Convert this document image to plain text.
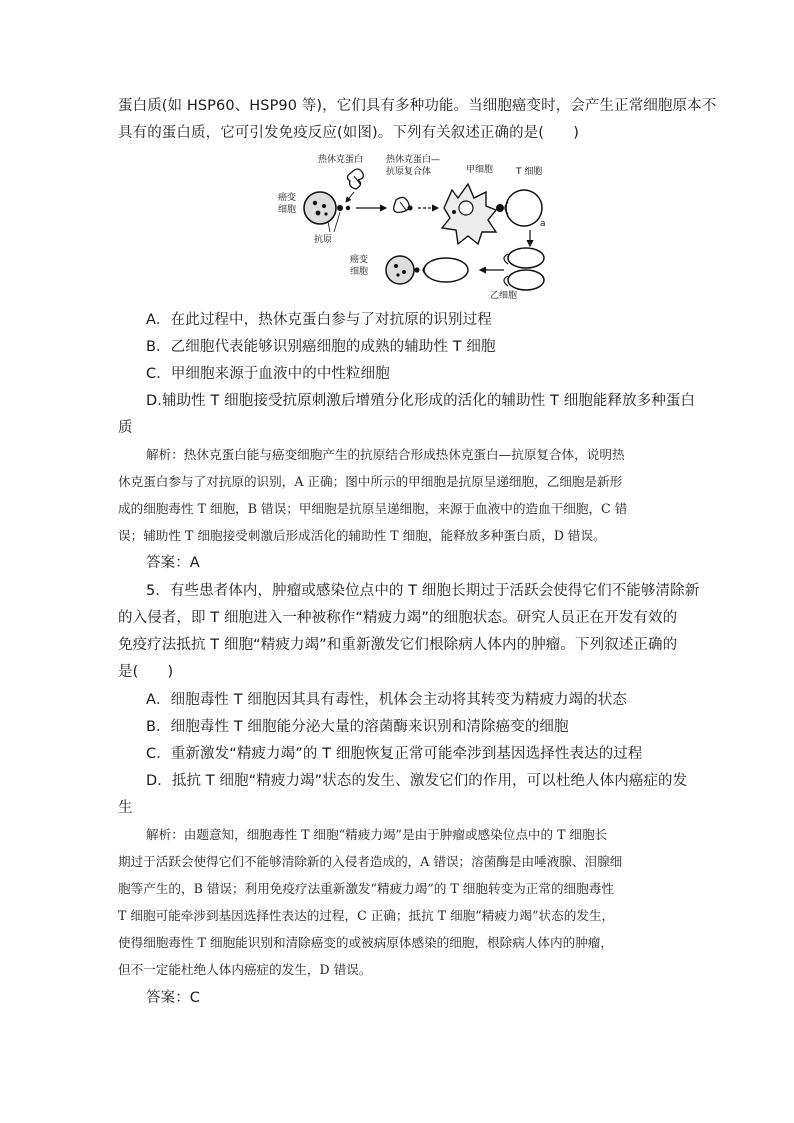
蛋白质(如 HSP60、HSP90 等)，它们具有多种功能。当细胞癌变时，会产生正常细胞原本不
具有的蛋白质，它可引发免疫反应(如图)。下列有关叙述正确的是(　　)
热休克蛋白	热休克蛋白—
抗原复合体	甲细胞	T 细胞
癌变
细胞
抗原
a
癌变
细胞
乙细胞
A．在此过程中，热休克蛋白参与了对抗原的识别过程
B．乙细胞代表能够识别癌细胞的成熟的辅助性 T 细胞
C．甲细胞来源于血液中的中性粒细胞
D.辅助性 T 细胞接受抗原刺激后增殖分化形成的活化的辅助性 T 细胞能释放多种蛋白
质
解析：热休克蛋白能与癌变细胞产生的抗原结合形成热休克蛋白—抗原复合体，说明热
休克蛋白参与了对抗原的识别，A 正确；图中所示的甲细胞是抗原呈递细胞，乙细胞是新形
成的细胞毒性 T 细胞，B 错误；甲细胞是抗原呈递细胞，来源于血液中的造血干细胞，C 错
误；辅助性 T 细胞接受刺激后形成活化的辅助性 T 细胞，能释放多种蛋白质，D 错误。
答案：A
5．有些患者体内，肿瘤或感染位点中的 T 细胞长期过于活跃会使得它们不能够清除新
的入侵者，即 T 细胞进入一种被称作“精疲力竭”的细胞状态。研究人员正在开发有效的
免疫疗法抵抗 T 细胞“精疲力竭”和重新激发它们根除病人体内的肿瘤。下列叙述正确的
是(　　)
A．细胞毒性 T 细胞因其具有毒性，机体会主动将其转变为精疲力竭的状态
B．细胞毒性 T 细胞能分泌大量的溶菌酶来识别和清除癌变的细胞
C．重新激发“精疲力竭”的 T 细胞恢复正常可能牵涉到基因选择性表达的过程
D．抵抗 T 细胞“精疲力竭”状态的发生、激发它们的作用，可以杜绝人体内癌症的发
生
解析：由题意知，细胞毒性 T 细胞“精疲力竭”是由于肿瘤或感染位点中的 T 细胞长
期过于活跃会使得它们不能够清除新的入侵者造成的，A 错误；溶菌酶是由唾液腺、泪腺细
胞等产生的，B 错误；利用免疫疗法重新激发“精疲力竭”的 T 细胞转变为正常的细胞毒性
T 细胞可能牵涉到基因选择性表达的过程，C 正确；抵抗 T 细胞“精疲力竭”状态的发生，
使得细胞毒性 T 细胞能识别和清除癌变的或被病原体感染的细胞，根除病人体内的肿瘤，
但不一定能杜绝人体内癌症的发生，D 错误。
答案：C
